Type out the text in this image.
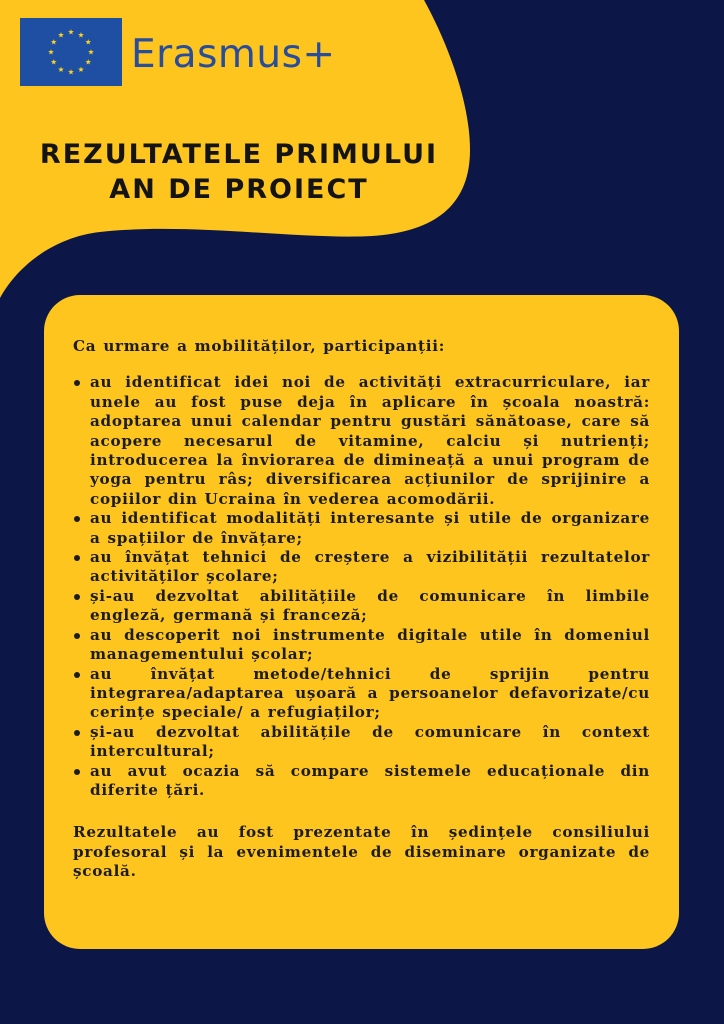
★ ★
★
★
★
★
★
★
★
★
★
★ Erasmus+
REZULTATELE PRIMULUI
AN DE PROIECT

Ca urmare a mobilităților, participanții:

au identificat idei noi de activități extracurriculare, iar unele au fost puse deja în aplicare în școala noastră: adoptarea unui calendar pentru gustări sănătoase, care să acopere necesarul de vitamine, calciu și nutrienți; introducerea la înviorarea de dimineață a unui program de yoga pentru râs; diversificarea acțiunilor de sprijinire a copiilor din Ucraina în vederea acomodării.
au identificat modalități interesante și utile de organizare a spațiilor de învățare;
au învățat tehnici de creștere a vizibilității rezultatelor activităților școlare;
și-au dezvoltat abilitățiile de comunicare în limbile engleză, germană și franceză;
au descoperit noi instrumente digitale utile în domeniul managementului școlar;
au învățat metode/tehnici de sprijin pentru integrarea/adaptarea ușoară a persoanelor defavorizate/cu cerințe speciale/ a refugiaților;
și-au dezvoltat abilitățile de comunicare în context intercultural;
au avut ocazia să compare sistemele educaționale din diferite țări.

Rezultatele au fost prezentate în ședințele consiliului profesoral și la evenimentele de diseminare organizate de școală.
